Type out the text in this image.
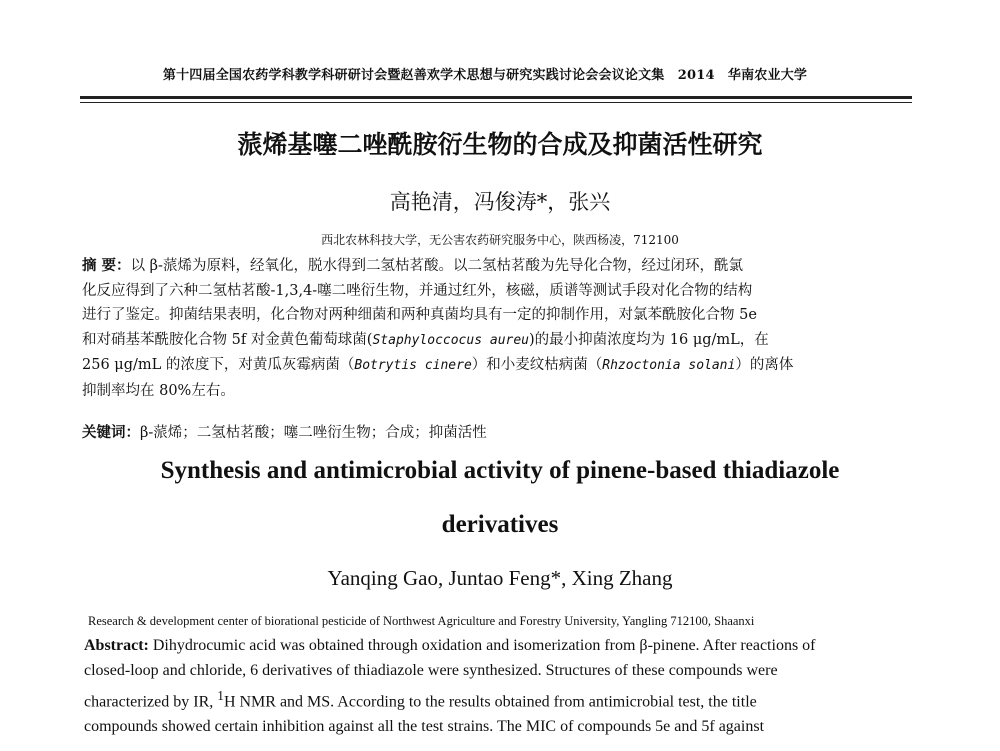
第十四届全国农药学科教学科研研讨会暨赵善欢学术思想与研究实践讨论会会议论文集　2014　华南农业大学
蒎烯基噻二唑酰胺衍生物的合成及抑菌活性研究
高艳清，冯俊涛*，张兴
西北农林科技大学，无公害农药研究服务中心，陕西杨凌，712100
摘 要：以 β-蒎烯为原料，经氧化，脱水得到二氢枯茗酸。以二氢枯茗酸为先导化合物，经过闭环，酰氯
化反应得到了六种二氢枯茗酸-1,3,4-噻二唑衍生物，并通过红外，核磁，质谱等测试手段对化合物的结构
进行了鉴定。抑菌结果表明，化合物对两种细菌和两种真菌均具有一定的抑制作用，对氯苯酰胺化合物 5e
和对硝基苯酰胺化合物 5f 对金黄色葡萄球菌(Staphyloccocus aureu)的最小抑菌浓度均为 16 μg/mL，在
256 μg/mL 的浓度下，对黄瓜灰霉病菌（Botrytis cinere）和小麦纹枯病菌（Rhzoctonia solani）的离体
抑制率均在 80%左右。
关键词：β-蒎烯；二氢枯茗酸；噻二唑衍生物；合成；抑菌活性
Synthesis and antimicrobial activity of pinene-based thiadiazole
derivatives
Yanqing Gao, Juntao Feng*, Xing Zhang
Research & development center of biorational pesticide of Northwest Agriculture and Forestry University, Yangling 712100, Shaanxi
Abstract: Dihydrocumic acid was obtained through oxidation and isomerization from β-pinene. After reactions of
closed-loop and chloride, 6 derivatives of thiadiazole were synthesized. Structures of these compounds were
characterized by IR, $^1$H NMR and MS. According to the results obtained from antimicrobial test, the title
compounds showed certain inhibition against all the test strains. The MIC of compounds 5e and 5f against
